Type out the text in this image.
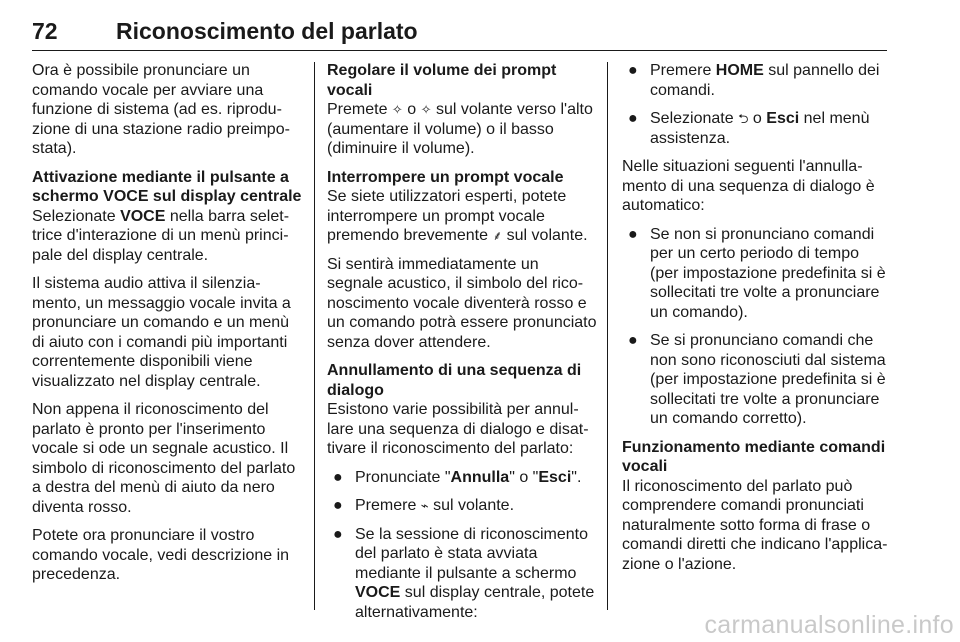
72	Riconoscimento del parlato

Ora è possibile pronunciare un comando vocale per avviare una funzione di sistema (ad es. riproduzione di una stazione radio preimpostata).

Attivazione mediante il pulsante a schermo VOCE sul display centrale

Selezionate VOCE nella barra selettrice d'interazione di un menù principale del display centrale.

Il sistema audio attiva il silenziamento, un messaggio vocale invita a pronunciare un comando e un menù di aiuto con i comandi più importanti correntemente disponibili viene visualizzato nel display centrale.

Non appena il riconoscimento del parlato è pronto per l'inserimento vocale si ode un segnale acustico. Il simbolo di riconoscimento del parlato a destra del menù di aiuto da nero diventa rosso.

Potete ora pronunciare il vostro comando vocale, vedi descrizione in precedenza.

Regolare il volume dei prompt vocali

Premete ✧ o ✧ sul volante verso l'alto (aumentare il volume) o il basso (diminuire il volume).

Interrompere un prompt vocale

Se siete utilizzatori esperti, potete interrompere un prompt vocale premendo brevemente ⸙ sul volante.

Si sentirà immediatamente un segnale acustico, il simbolo del riconoscimento vocale diventerà rosso e un comando potrà essere pronunciato senza dover attendere.

Annullamento di una sequenza di dialogo

Esistono varie possibilità per annullare una sequenza di dialogo e disattivare il riconoscimento del parlato:

● Pronunciate "Annulla" o "Esci".
● Premere ⌁ sul volante.
● Se la sessione di riconoscimento del parlato è stata avviata mediante il pulsante a schermo VOCE sul display centrale, potete alternativamente:
● Premere HOME sul pannello dei comandi.
● Selezionate ⮌ o Esci nel menù assistenza.

Nelle situazioni seguenti l'annullamento di una sequenza di dialogo è automatico:

● Se non si pronunciano comandi per un certo periodo di tempo (per impostazione predefinita si è sollecitati tre volte a pronunciare un comando).
● Se si pronunciano comandi che non sono riconosciuti dal sistema (per impostazione predefinita si è sollecitati tre volte a pronunciare un comando corretto).

Funzionamento mediante comandi vocali

Il riconoscimento del parlato può comprendere comandi pronunciati naturalmente sotto forma di frase o comandi diretti che indicano l'applicazione o l'azione.

carmanualsonline.info
